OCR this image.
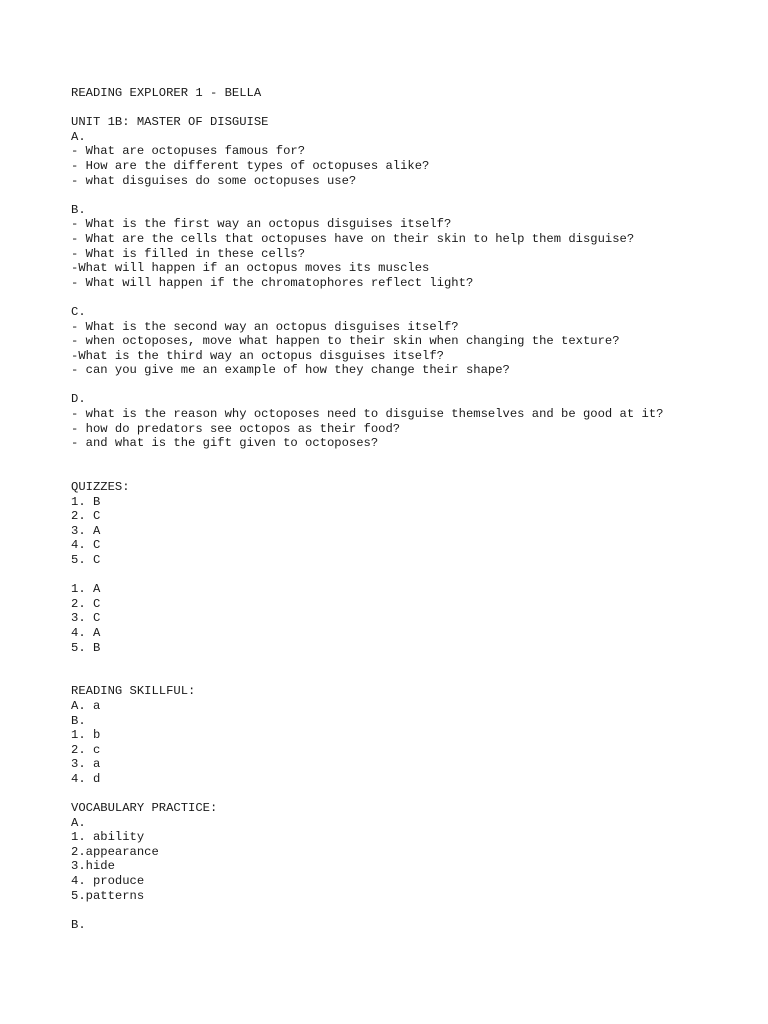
READING EXPLORER 1 - BELLA
UNIT 1B: MASTER OF DISGUISE
A.
- What are octopuses famous for?
- How are the different types of octopuses alike?
- what disguises do some octopuses use?
B.
- What is the first way an octopus disguises itself?
- What are the cells that octopuses have on their skin to help them disguise?
- What is filled in these cells?
-What will happen if an octopus moves its muscles
- What will happen if the chromatophores reflect light?
C.
- What is the second way an octopus disguises itself?
- when octoposes, move what happen to their skin when changing the texture?
-What is the third way an octopus disguises itself?
- can you give me an example of how they change their shape?
D.
- what is the reason why octoposes need to disguise themselves and be good at it?
- how do predators see octopos as their food?
- and what is the gift given to octoposes?
QUIZZES:
1. B
2. C
3. A
4. C
5. C
1. A
2. C
3. C
4. A
5. B
READING SKILLFUL:
A. a
B.
1. b
2. c
3. a
4. d
VOCABULARY PRACTICE:
A.
1. ability
2.appearance
3.hide
4. produce
5.patterns
B.
